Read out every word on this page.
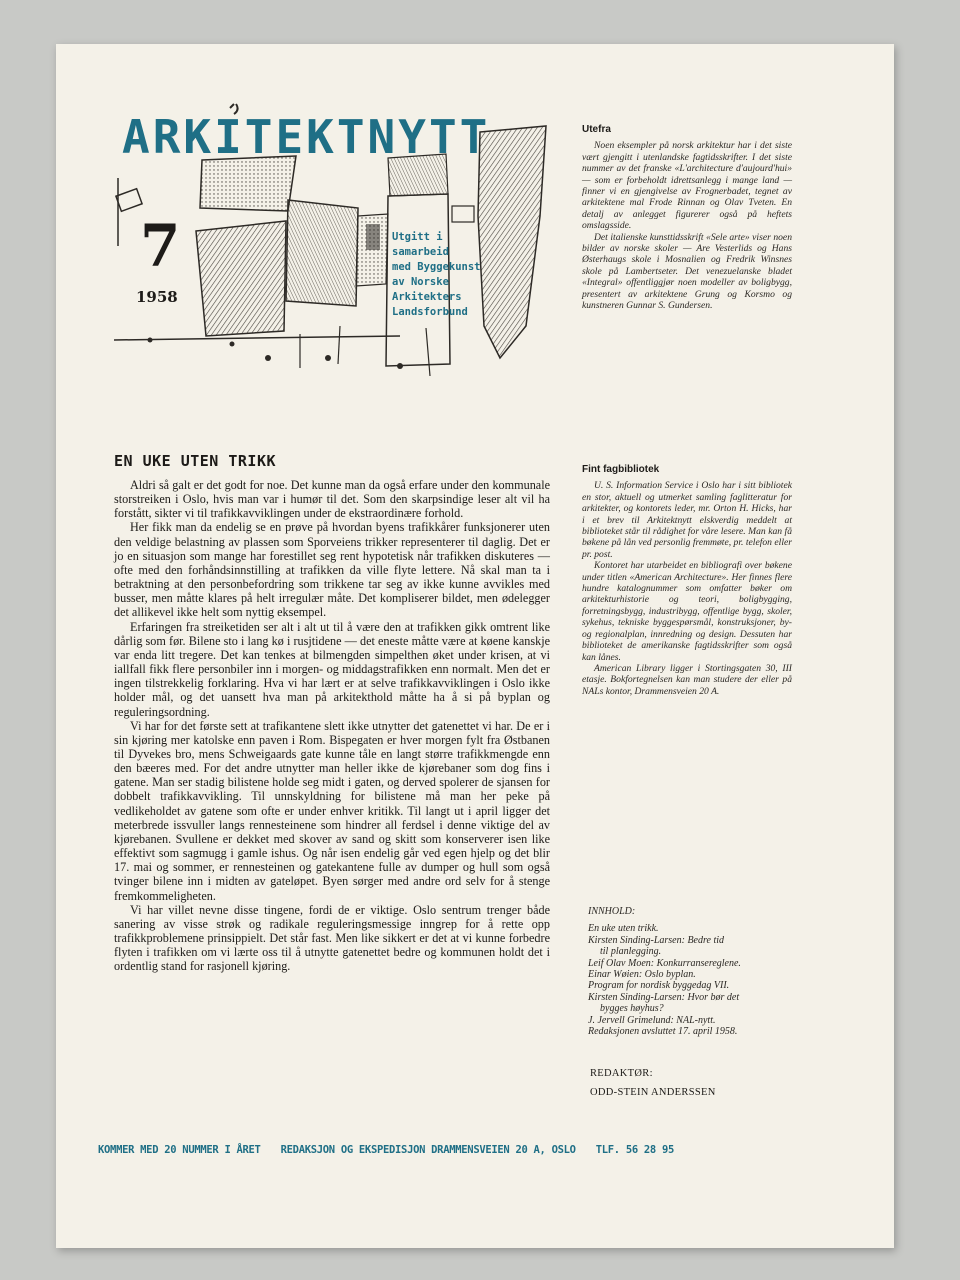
ARKITEKTNYTT
7
1958
Utgitt i
samarbeid
med Byggekunst
av Norske
Arkitekters
Landsforbund
Utefra

Noen eksempler på norsk arkitektur har i det siste vært gjengitt i utenlandske fagtidsskrifter. I det siste nummer av det franske «L'architecture d'aujourd'hui» — som er forbeholdt idrettsanlegg i mange land — finner vi en gjengivelse av Frognerbadet, tegnet av arkitektene mal Frode Rinnan og Olav Tveten. En detalj av anlegget figurerer også på heftets omslagsside.

Det italienske kunsttidsskrift «Sele arte» viser noen bilder av norske skoler — Are Vesterlids og Hans Østerhaugs skole i Mosnalien og Fredrik Winsnes skole på Lambertseter. Det venezuelanske bladet «Integral» offentliggjør noen modeller av boligbygg, presentert av arkitektene Grung og Korsmo og kunstneren Gunnar S. Gundersen.

Fint fagbibliotek

U. S. Information Service i Oslo har i sitt bibliotek en stor, aktuell og utmerket samling faglitteratur for arkitekter, og kontorets leder, mr. Orton H. Hicks, har i et brev til Arkitektnytt elskverdig meddelt at biblioteket står til rådighet for våre lesere. Man kan få bøkene på lån ved personlig fremmøte, pr. telefon eller pr. post.

Kontoret har utarbeidet en bibliografi over bøkene under titlen «American Architecture». Her finnes flere hundre katalognummer som omfatter bøker om arkitekturhistorie og teori, boligbygging, forretningsbygg, industribygg, offentlige bygg, skoler, sykehus, tekniske byggespørsmål, konstruksjoner, by- og regionalplan, innredning og design. Dessuten har biblioteket de amerikanske fagtidsskrifter som også kan lånes.

American Library ligger i Stortingsgaten 30, III etasje. Bokfortegnelsen kan man studere der eller på NALs kontor, Drammensveien 20 A.

EN UKE UTEN TRIKK

Aldri så galt er det godt for noe. Det kunne man da også erfare under den kommunale storstreiken i Oslo, hvis man var i humør til det. Som den skarpsindige leser alt vil ha forstått, sikter vi til trafikkavviklingen under de ekstraordinære forhold.

Her fikk man da endelig se en prøve på hvordan byens trafikkårer funksjonerer uten den veldige belastning av plassen som Sporveiens trikker representerer til daglig. Det er jo en situasjon som mange har forestillet seg rent hypotetisk når trafikken diskuteres — ofte med den forhåndsinnstilling at trafikken da ville flyte lettere. Nå skal man ta i betraktning at den personbefordring som trikkene tar seg av ikke kunne avvikles med busser, men måtte klares på helt irregulær måte. Det kompliserer bildet, men ødelegger det allikevel ikke helt som nyttig eksempel.

Erfaringen fra streiketiden ser alt i alt ut til å være den at trafikken gikk omtrent like dårlig som før. Bilene sto i lang kø i rusjtidene — det eneste måtte være at køene kanskje var enda litt tregere. Det kan tenkes at bilmengden simpelthen øket under krisen, at vi iallfall fikk flere personbiler inn i morgen- og middagstrafikken enn normalt. Men det er ingen tilstrekkelig forklaring. Hva vi har lært er at selve trafikkavviklingen i Oslo ikke holder mål, og det uansett hva man på arkitekthold måtte ha å si på byplan og reguleringsordning.

Vi har for det første sett at trafikantene slett ikke utnytter det gatenettet vi har. De er i sin kjøring mer katolske enn paven i Rom. Bispegaten er hver morgen fylt fra Østbanen til Dyvekes bro, mens Schweigaards gate kunne tåle en langt større trafikkmengde enn den bæeres med. For det andre utnytter man heller ikke de kjørebaner som dog fins i gatene. Man ser stadig bilistene holde seg midt i gaten, og derved spolerer de sjansen for dobbelt trafikkavvikling. Til unnskyldning for bilistene må man her peke på vedlikeholdet av gatene som ofte er under enhver kritikk. Til langt ut i april ligger det meterbrede issvuller langs rennesteinene som hindrer all ferdsel i denne viktige del av kjørebanen. Svullene er dekket med skover av sand og skitt som konserverer isen like effektivt som sagmugg i gamle ishus. Og når isen endelig går ved egen hjelp og det blir 17. mai og sommer, er rennesteinen og gatekantene fulle av dumper og hull som også tvinger bilene inn i midten av gateløpet. Byen sørger med andre ord selv for å stenge fremkommeligheten.

Vi har villet nevne disse tingene, fordi de er viktige. Oslo sentrum trenger både sanering av visse strøk og radikale reguleringsmessige inngrep for å rette opp trafikkproblemene prinsippielt. Det står fast. Men like sikkert er det at vi kunne forbedre flyten i trafikken om vi lærte oss til å utnytte gatenettet bedre og kommunen holdt det i ordentlig stand for rasjonell kjøring.

INNHOLD:
En uke uten trikk.
Kirsten Sinding-Larsen: Bedre tid
til planlegging.
Leif Olav Moen: Konkurransereglene.
Einar Wøien: Oslo byplan.
Program for nordisk byggedag VII.
Kirsten Sinding-Larsen: Hvor bør det
bygges høyhus?
J. Jervell Grimelund: NAL-nytt.
Redaksjonen avsluttet 17. april 1958.
REDAKTØR:
ODD-STEIN ANDERSSEN
KOMMER MED 20 NUMMER I ÅRET REDAKSJON OG EKSPEDISJON DRAMMENSVEIEN 20 A, OSLO TLF. 56 28 95
